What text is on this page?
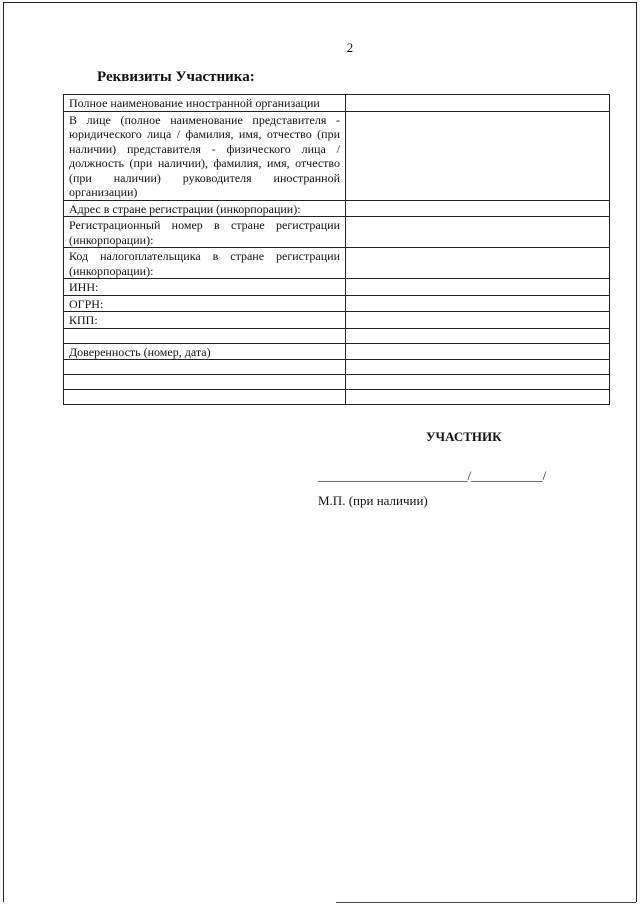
2
Реквизиты Участника:
Полное наименование иностранной организации	
В лице (полное наименование представителя - юридического лица / фамилия, имя, отчество (при наличии) представителя - физического лица / должность (при наличии), фамилия, имя, отчество (при наличии) руководителя иностранной организации)	
Адрес в стране регистрации (инкорпорации):	
Регистрационный номер в стране регистрации (инкорпорации):	
Код налогоплательщика в стране регистрации (инкорпорации):	
ИНН:	
ОГРН:	
КПП:	

Доверенность (номер, дата)	

УЧАСТНИК
_______________________/___________/
М.П. (при наличии)
